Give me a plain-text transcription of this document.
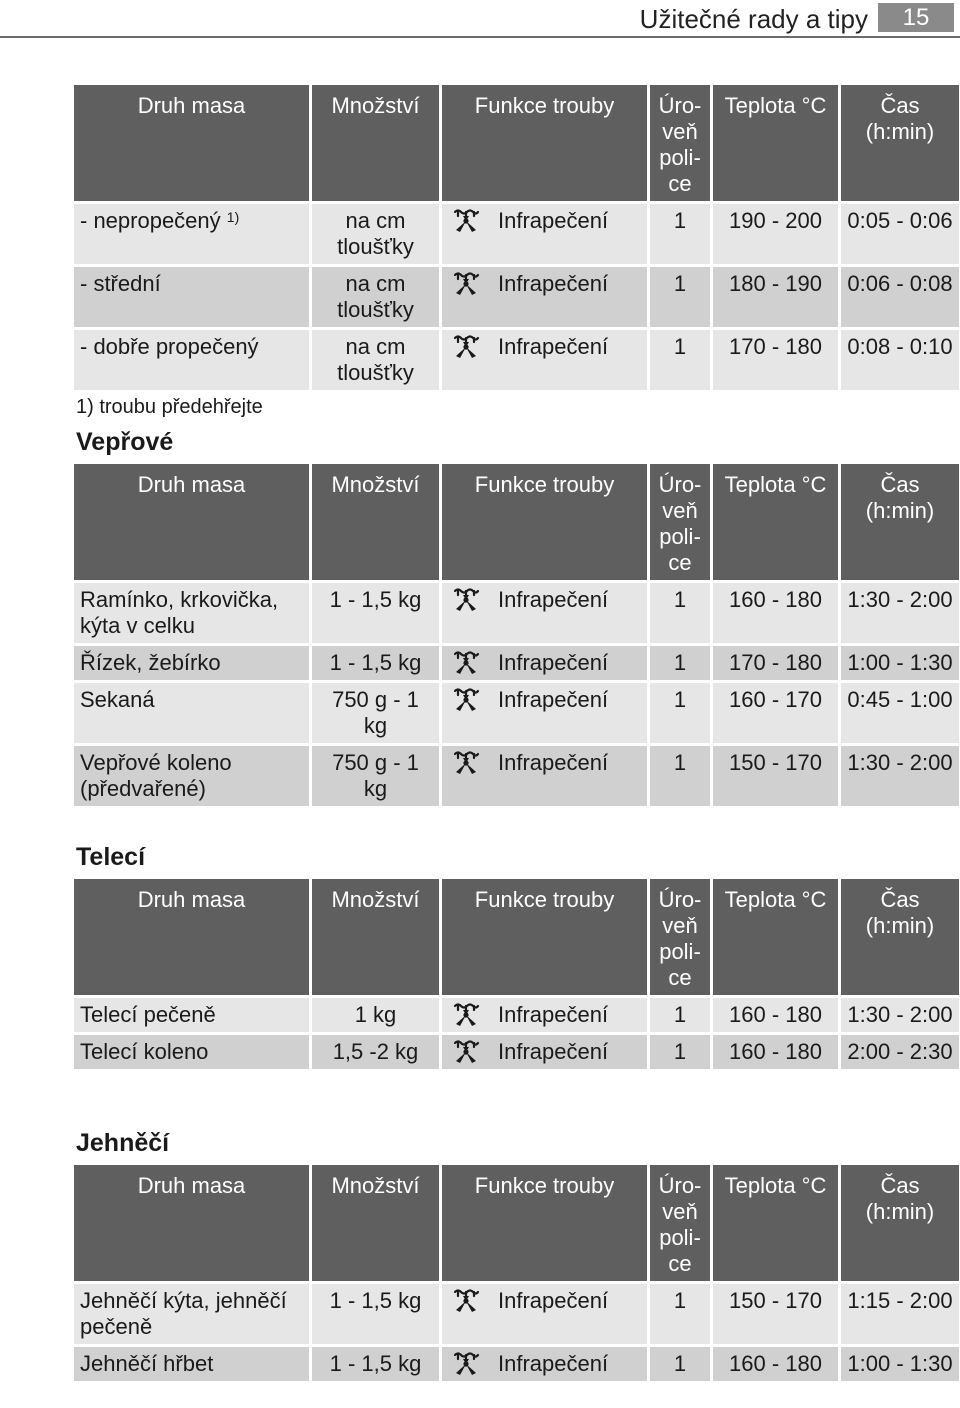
Užitečné rady a tipy	15
Druh masa	Množství	Funkce trouby	Úro-veň poli-ce	Teplota °C	Čas (h:min)
- nepropečený $^{1)}$	na cm tloušťky	Infrapečení	1	190 - 200	0:05 - 0:06
- střední	na cm tloušťky	Infrapečení	1	180 - 190	0:06 - 0:08
- dobře propečený	na cm tloušťky	Infrapečení	1	170 - 180	0:08 - 0:10
1) troubu předehřejte
Vepřové
Druh masa	Množství	Funkce trouby	Úro-veň poli-ce	Teplota °C	Čas (h:min)
Ramínko, krkovička, kýta v celku	1 - 1,5 kg	Infrapečení	1	160 - 180	1:30 - 2:00
Řízek, žebírko	1 - 1,5 kg	Infrapečení	1	170 - 180	1:00 - 1:30
Sekaná	750 g - 1 kg	Infrapečení	1	160 - 170	0:45 - 1:00
Vepřové koleno (předvařené)	750 g - 1 kg	Infrapečení	1	150 - 170	1:30 - 2:00
Telecí
Druh masa	Množství	Funkce trouby	Úro-veň poli-ce	Teplota °C	Čas (h:min)
Telecí pečeně	1 kg	Infrapečení	1	160 - 180	1:30 - 2:00
Telecí koleno	1,5 -2 kg	Infrapečení	1	160 - 180	2:00 - 2:30
Jehněčí
Druh masa	Množství	Funkce trouby	Úro-veň poli-ce	Teplota °C	Čas (h:min)
Jehněčí kýta, jehněčí pečeně	1 - 1,5 kg	Infrapečení	1	150 - 170	1:15 - 2:00
Jehněčí hřbet	1 - 1,5 kg	Infrapečení	1	160 - 180	1:00 - 1:30
